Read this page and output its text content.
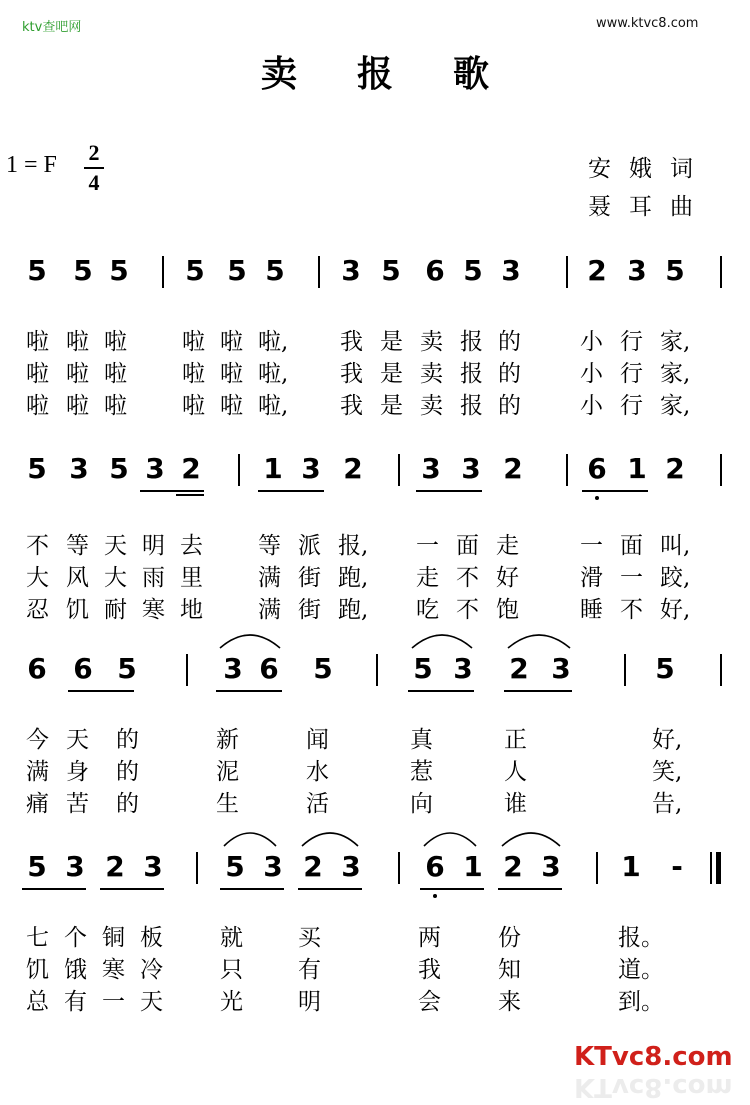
ktv查吧网	www.ktvc8.com
卖报歌
1 = F 2
4
安娥词
聂耳曲
5 5 5 5 5 5 3 5 6 5 3 2 3 5
啦 啦 啦 啦 啦 啦, 我 是 卖 报 的	小 行 家,
啦 啦 啦 啦 啦 啦, 我 是 卖 报 的	小 行 家,
啦 啦 啦 啦 啦 啦, 我 是 卖 报 的	小 行 家,
5 3 5 3 2 1 3 2 3 3 2 6 1 2
不 等 天 明 去 等 派 报, 一 面 走	一 面 叫,
大 风 大 雨 里 满 街 跑, 走 不 好	滑 一 跤,
忍 饥 耐 寒 地 满 街 跑, 吃 不 饱	睡 不 好,
6 6 5	3 6 5	5 3 2 3	5
今 天 的	新	闻	真	正	好,
满 身 的	泥	水	惹	人	笑,
痛 苦 的	生	活	向	谁	告,
5 3 2 3 5 3 2 3 6 1 2 3 1 -
七 个 铜 板 就 买	两 份	报。
饥 饿 寒 冷 只 有	我 知	道。
总 有 一 天 光 明	会 来	到。
KTvc8.com
KTvc8.com
